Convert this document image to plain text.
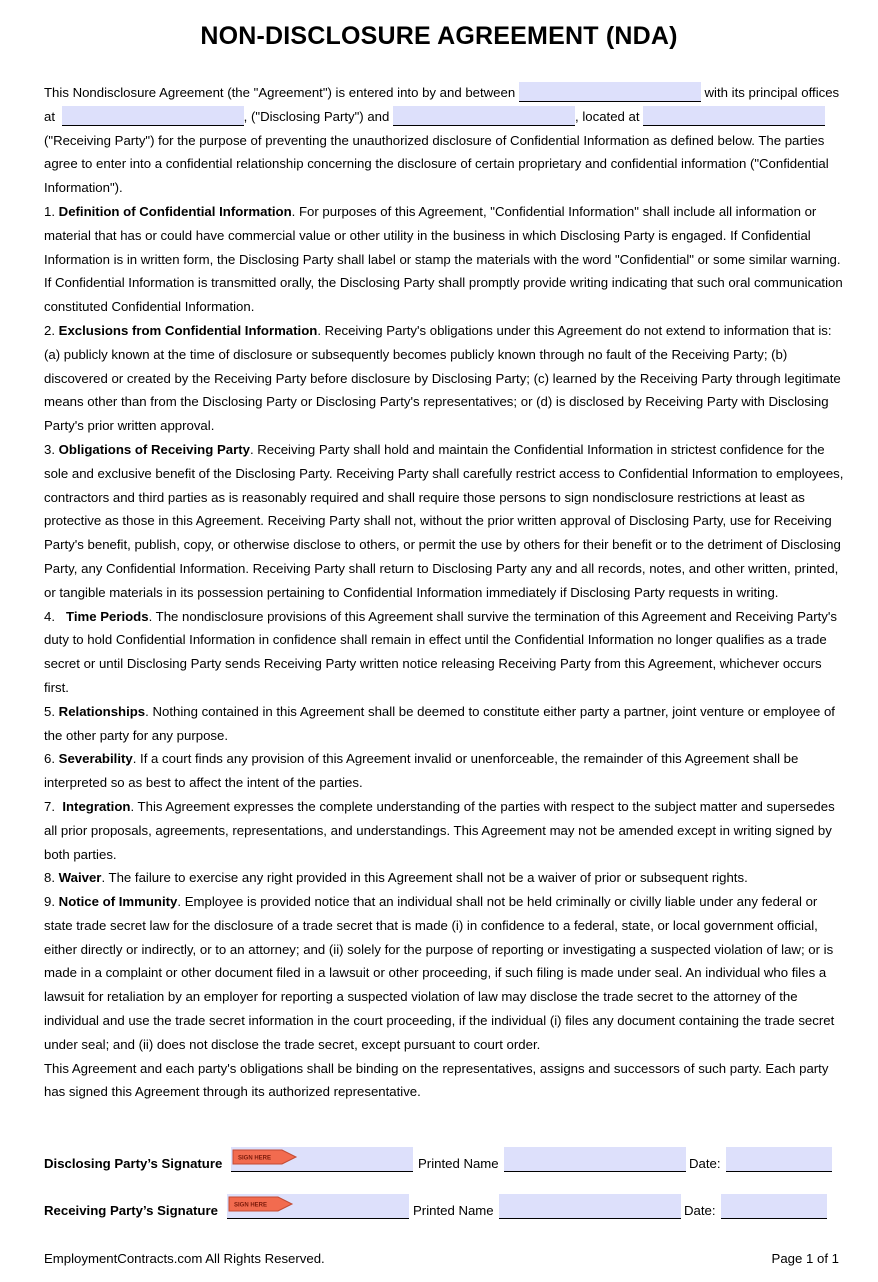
NON-DISCLOSURE AGREEMENT (NDA)

This Nondisclosure Agreement (the "Agreement") is entered into by and between	with its principal offices at	, ("Disclosing Party") and	, located at  ("Receiving Party") for the purpose of preventing the unauthorized disclosure of Confidential Information as defined below. The parties agree to enter into a confidential relationship concerning the disclosure of certain proprietary and confidential information ("Confidential Information").

1. Definition of Confidential Information. For purposes of this Agreement, "Confidential Information" shall include all information or material that has or could have commercial value or other utility in the business in which Disclosing Party is engaged. If Confidential Information is in written form, the Disclosing Party shall label or stamp the materials with the word "Confidential" or some similar warning. If Confidential Information is transmitted orally, the Disclosing Party shall promptly provide writing indicating that such oral communication constituted Confidential Information.

2. Exclusions from Confidential Information. Receiving Party's obligations under this Agreement do not extend to information that is: (a) publicly known at the time of disclosure or subsequently becomes publicly known through no fault of the Receiving Party; (b) discovered or created by the Receiving Party before disclosure by Disclosing Party; (c) learned by the Receiving Party through legitimate means other than from the Disclosing Party or Disclosing Party's representatives; or (d) is disclosed by Receiving Party with Disclosing Party's prior written approval.

3. Obligations of Receiving Party. Receiving Party shall hold and maintain the Confidential Information in strictest confidence for the sole and exclusive benefit of the Disclosing Party. Receiving Party shall carefully restrict access to Confidential Information to employees, contractors and third parties as is reasonably required and shall require those persons to sign nondisclosure restrictions at least as protective as those in this Agreement. Receiving Party shall not, without the prior written approval of Disclosing Party, use for Receiving Party's benefit, publish, copy, or otherwise disclose to others, or permit the use by others for their benefit or to the detriment of Disclosing Party, any Confidential Information. Receiving Party shall return to Disclosing Party any and all records, notes, and other written, printed, or tangible materials in its possession pertaining to Confidential Information immediately if Disclosing Party requests in writing.

4. Time Periods. The nondisclosure provisions of this Agreement shall survive the termination of this Agreement and Receiving Party's duty to hold Confidential Information in confidence shall remain in effect until the Confidential Information no longer qualifies as a trade secret or until Disclosing Party sends Receiving Party written notice releasing Receiving Party from this Agreement, whichever occurs first.

5. Relationships. Nothing contained in this Agreement shall be deemed to constitute either party a partner, joint venture or employee of the other party for any purpose.

6. Severability. If a court finds any provision of this Agreement invalid or unenforceable, the remainder of this Agreement shall be interpreted so as best to affect the intent of the parties.

7. Integration. This Agreement expresses the complete understanding of the parties with respect to the subject matter and supersedes all prior proposals, agreements, representations, and understandings. This Agreement may not be amended except in writing signed by both parties.

8. Waiver. The failure to exercise any right provided in this Agreement shall not be a waiver of prior or subsequent rights.

9. Notice of Immunity. Employee is provided notice that an individual shall not be held criminally or civilly liable under any federal or state trade secret law for the disclosure of a trade secret that is made (i) in confidence to a federal, state, or local government official, either directly or indirectly, or to an attorney; and (ii) solely for the purpose of reporting or investigating a suspected violation of law; or is made in a complaint or other document filed in a lawsuit or other proceeding, if such filing is made under seal. An individual who files a lawsuit for retaliation by an employer for reporting a suspected violation of law may disclose the trade secret to the attorney of the individual and use the trade secret information in the court proceeding, if the individual (i) files any document containing the trade secret under seal; and (ii) does not disclose the trade secret, except pursuant to court order.

This Agreement and each party's obligations shall be binding on the representatives, assigns and successors of such party. Each party has signed this Agreement through its authorized representative.

Disclosing Party’s Signature	SIGN HERE	Printed Name	Date:
Receiving Party’s Signature	SIGN HERE	Printed Name	Date:
EmploymentContracts.com All Rights Reserved.	Page 1 of 1
